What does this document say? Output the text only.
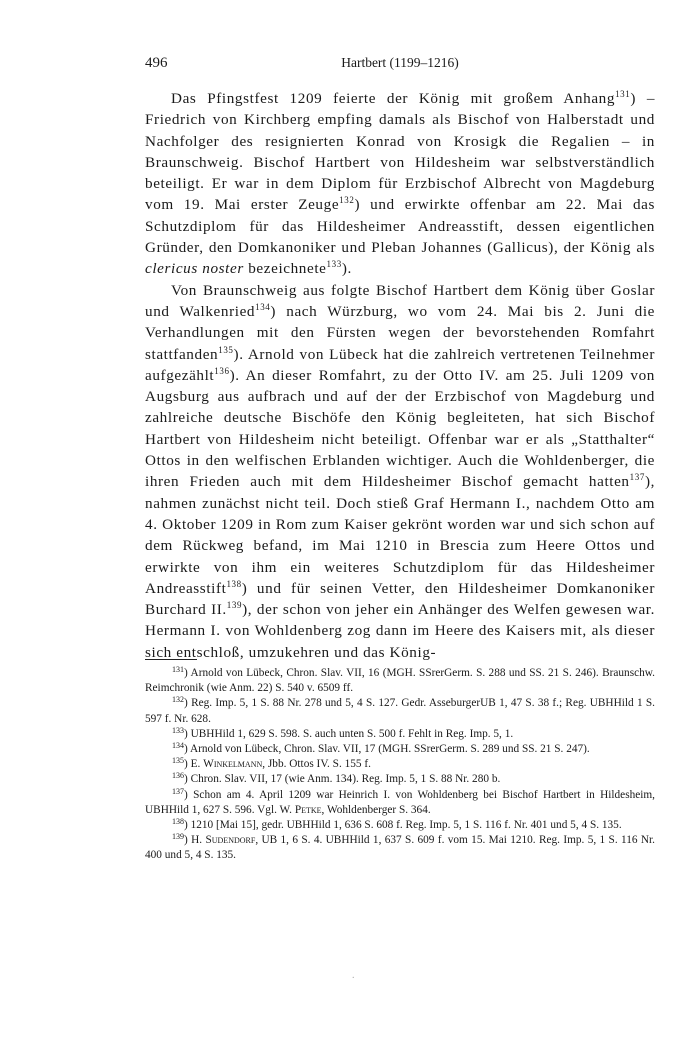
496	Hartbert (1199–1216)

Das Pfingstfest 1209 feierte der König mit großem Anhang$^{131}$) – Friedrich von Kirchberg empfing damals als Bischof von Halberstadt und Nachfolger des resignierten Konrad von Krosigk die Regalien – in Braunschweig. Bischof Hartbert von Hildesheim war selbstverständlich beteiligt. Er war in dem Diplom für Erzbischof Albrecht von Magdeburg vom 19. Mai erster Zeuge$^{132}$) und erwirkte offenbar am 22. Mai das Schutzdiplom für das Hildesheimer Andreasstift, dessen eigentlichen Gründer, den Domkanoniker und Pleban Johannes (Gallicus), der König als clericus noster bezeichnete$^{133}$).

Von Braunschweig aus folgte Bischof Hartbert dem König über Goslar und Walkenried$^{134}$) nach Würzburg, wo vom 24. Mai bis 2. Juni die Verhandlungen mit den Fürsten wegen der bevorstehenden Romfahrt stattfanden$^{135}$). Arnold von Lübeck hat die zahlreich vertretenen Teilnehmer aufgezählt$^{136}$). An dieser Romfahrt, zu der Otto IV. am 25. Juli 1209 von Augsburg aus aufbrach und auf der der Erzbischof von Magdeburg und zahlreiche deutsche Bischöfe den König begleiteten, hat sich Bischof Hartbert von Hildesheim nicht beteiligt. Offenbar war er als „Statthalter“ Ottos in den welfischen Erblanden wichtiger. Auch die Wohldenberger, die ihren Frieden auch mit dem Hildesheimer Bischof gemacht hatten$^{137}$), nahmen zunächst nicht teil. Doch stieß Graf Hermann I., nachdem Otto am 4. Oktober 1209 in Rom zum Kaiser gekrönt worden war und sich schon auf dem Rückweg befand, im Mai 1210 in Brescia zum Heere Ottos und erwirkte von ihm ein weiteres Schutzdiplom für das Hildesheimer Andreasstift$^{138}$) und für seinen Vetter, den Hildesheimer Domkanoniker Burchard II.$^{139}$), der schon von jeher ein Anhänger des Welfen gewesen war. Hermann I. von Wohldenberg zog dann im Heere des Kaisers mit, als dieser sich entschloß, umzukehren und das König-

$^{131}$) Arnold von Lübeck, Chron. Slav. VII, 16 (MGH. SSrerGerm. S. 288 und SS. 21 S. 246). Braunschw. Reimchronik (wie Anm. 22) S. 540 v. 6509 ff.

$^{132}$) Reg. Imp. 5, 1 S. 88 Nr. 278 und 5, 4 S. 127. Gedr. AsseburgerUB 1, 47 S. 38 f.; Reg. UBHHild 1 S. 597 f. Nr. 628.

$^{133}$) UBHHild 1, 629 S. 598. S. auch unten S. 500 f. Fehlt in Reg. Imp. 5, 1.

$^{134}$) Arnold von Lübeck, Chron. Slav. VII, 17 (MGH. SSrerGerm. S. 289 und SS. 21 S. 247).

$^{135}$) E. Winkelmann, Jbb. Ottos IV. S. 155 f.

$^{136}$) Chron. Slav. VII, 17 (wie Anm. 134). Reg. Imp. 5, 1 S. 88 Nr. 280 b.

$^{137}$) Schon am 4. April 1209 war Heinrich I. von Wohldenberg bei Bischof Hartbert in Hildesheim, UBHHild 1, 627 S. 596. Vgl. W. Petke, Wohldenberger S. 364.

$^{138}$) 1210 [Mai 15], gedr. UBHHild 1, 636 S. 608 f. Reg. Imp. 5, 1 S. 116 f. Nr. 401 und 5, 4 S. 135.

$^{139}$) H. Sudendorf, UB 1, 6 S. 4. UBHHild 1, 637 S. 609 f. vom 15. Mai 1210. Reg. Imp. 5, 1 S. 116 Nr. 400 und 5, 4 S. 135.

.
